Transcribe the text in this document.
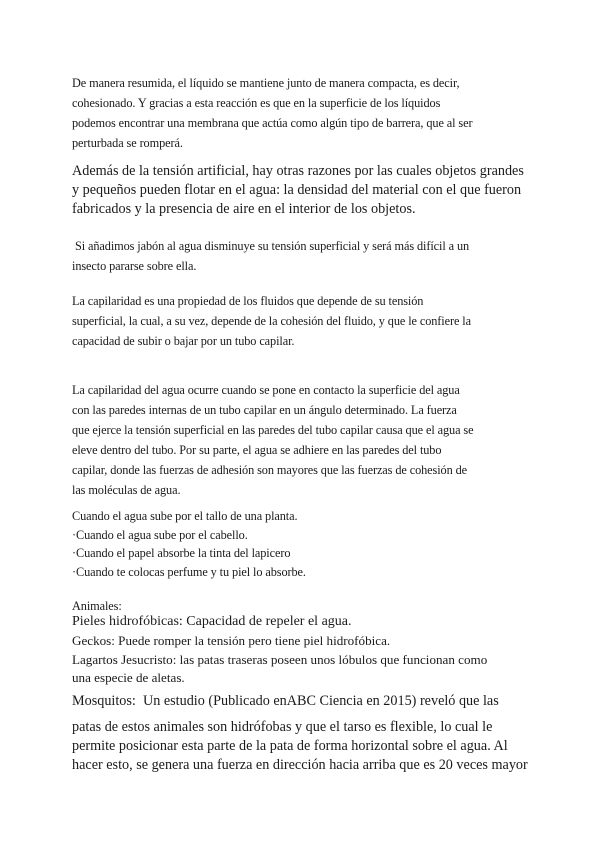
De manera resumida, el líquido se mantiene junto de manera compacta, es decir,
cohesionado. Y gracias a esta reacción es que en la superficie de los líquidos
podemos encontrar una membrana que actúa como algún tipo de barrera, que al ser
perturbada se romperá.

Además de la tensión artificial, hay otras razones por las cuales objetos grandes
y pequeños pueden flotar en el agua: la densidad del material con el que fueron
fabricados y la presencia de aire en el interior de los objetos.

Si añadimos jabón al agua disminuye su tensión superficial y será más difícil a un
insecto pararse sobre ella.

La capilaridad es una propiedad de los fluidos que depende de su tensión
superficial, la cual, a su vez, depende de la cohesión del fluido, y que le confiere la
capacidad de subir o bajar por un tubo capilar.

La capilaridad del agua ocurre cuando se pone en contacto la superficie del agua
con las paredes internas de un tubo capilar en un ángulo determinado. La fuerza
que ejerce la tensión superficial en las paredes del tubo capilar causa que el agua se
eleve dentro del tubo. Por su parte, el agua se adhiere en las paredes del tubo
capilar, donde las fuerzas de adhesión son mayores que las fuerzas de cohesión de
las moléculas de agua.

Cuando el agua sube por el tallo de una planta.
·Cuando el agua sube por el cabello.
·Cuando el papel absorbe la tinta del lapicero
·Cuando te colocas perfume y tu piel lo absorbe.

Animales:

Pieles hidrofóbicas: Capacidad de repeler el agua.

Geckos: Puede romper la tensión pero tiene piel hidrofóbica.

Lagartos Jesucristo: las patas traseras poseen unos lóbulos que funcionan como
una especie de aletas.

Mosquitos:  Un estudio (Publicado enABC Ciencia en 2015) reveló que las

patas de estos animales son hidrófobas y que el tarso es flexible, lo cual le
permite posicionar esta parte de la pata de forma horizontal sobre el agua. Al
hacer esto, se genera una fuerza en dirección hacia arriba que es 20 veces mayor
